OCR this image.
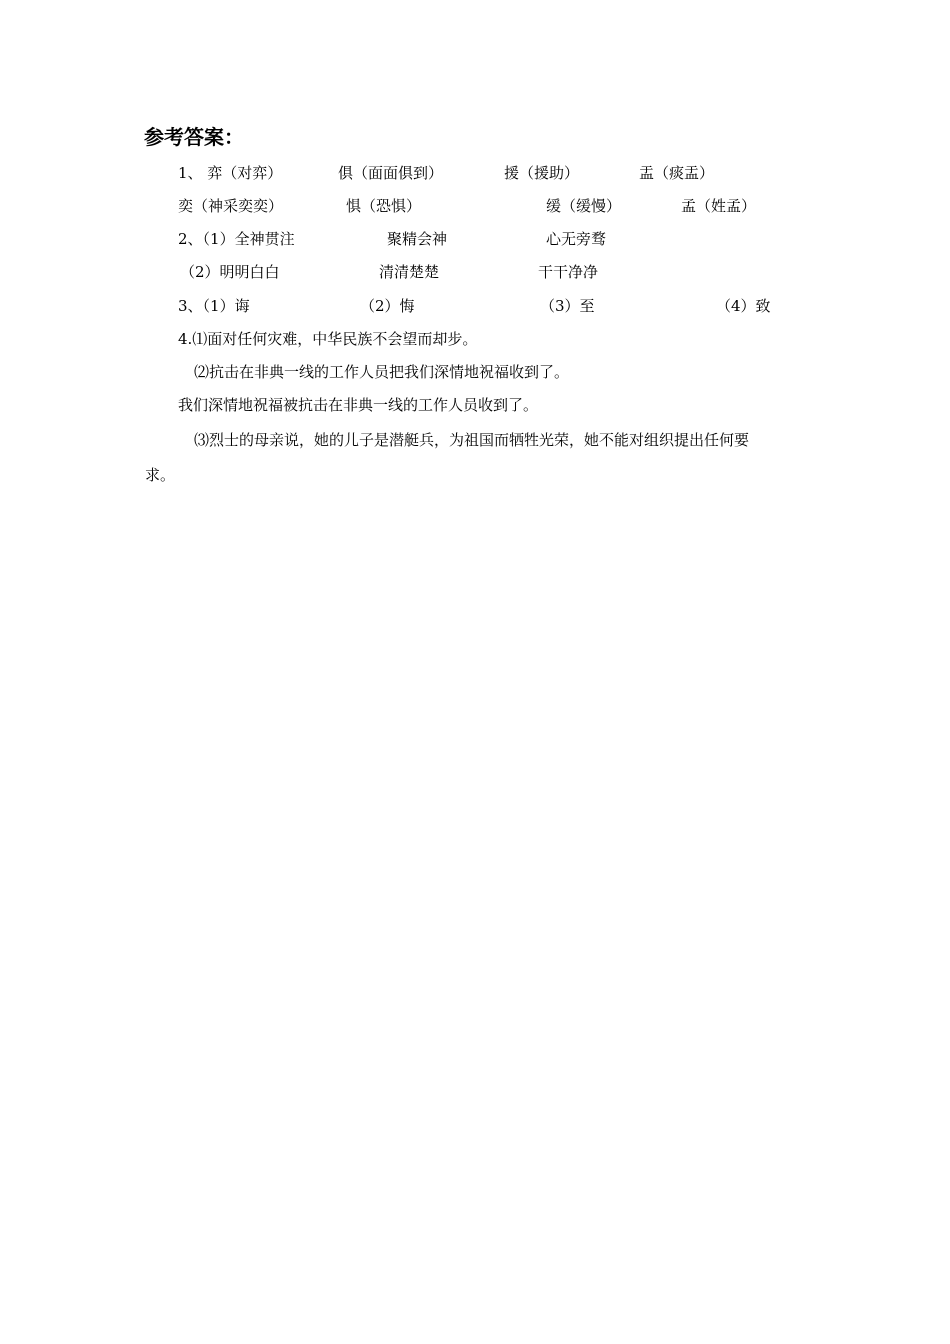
参考答案：
1、 弈（对弈）	俱（面面俱到）	援（援助）	盂（痰盂）
奕（神采奕奕）	惧（恐惧）	缓（缓慢）	孟（姓孟）
2、（1）全神贯注	聚精会神	心无旁骛
（2）明明白白	清清楚楚	干干净净
3、（1）诲	（2）悔	（3）至	（4）致
4.⑴面对任何灾难，中华民族不会望而却步。
⑵抗击在非典一线的工作人员把我们深情地祝福收到了。
我们深情地祝福被抗击在非典一线的工作人员收到了。
⑶烈士的母亲说，她的儿子是潜艇兵，为祖国而牺牲光荣，她不能对组织提出任何要
求。
